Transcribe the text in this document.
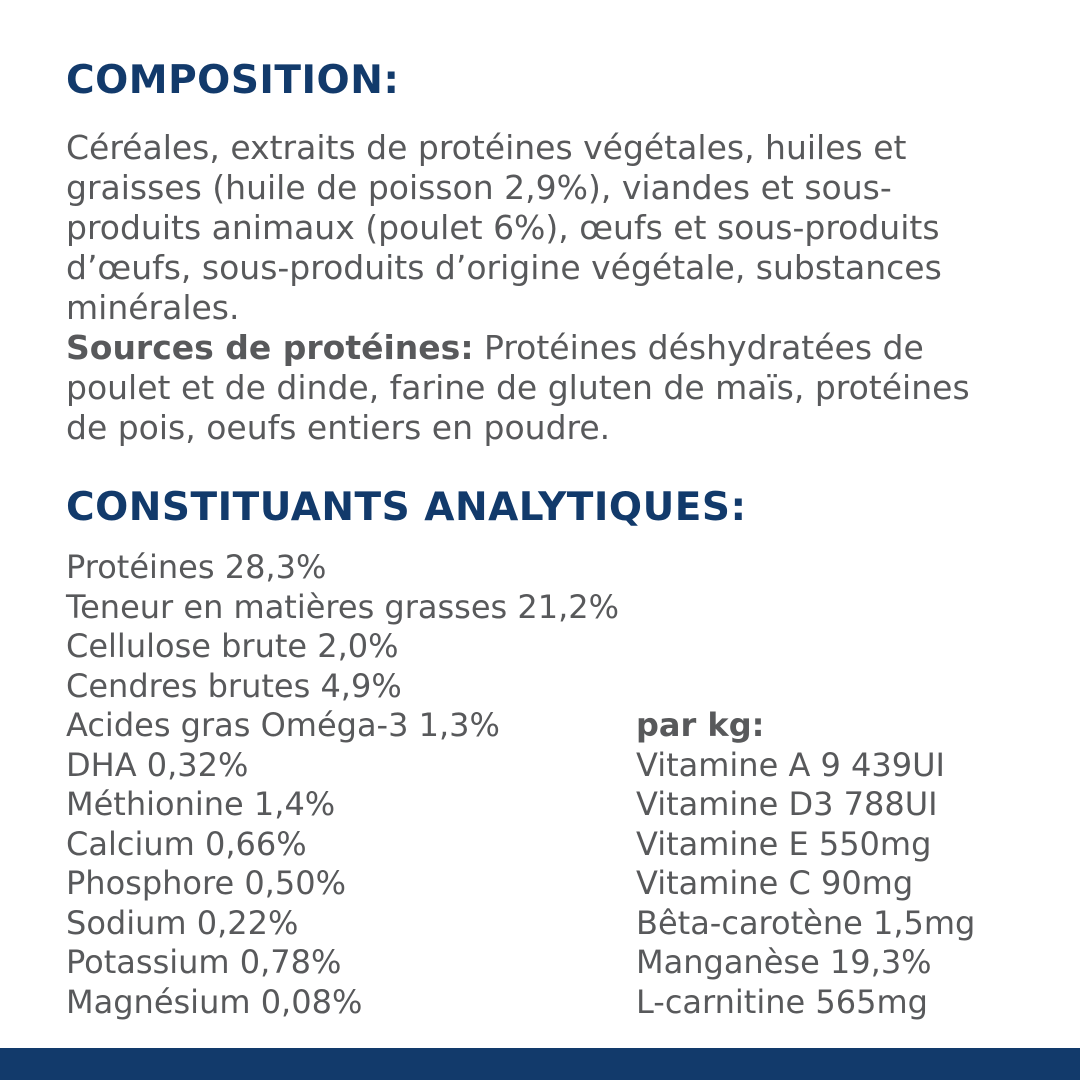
COMPOSITION:

Céréales, extraits de protéines végétales, huiles et graisses (huile de poisson 2,9%), viandes et sous-produits animaux (poulet 6%), œufs et sous-produits d’œufs, sous-produits d’origine végétale, substances minérales.

Sources de protéines: Protéines déshydratées de poulet et de dinde, farine de gluten de maïs, protéines de pois, oeufs entiers en poudre.

CONSTITUANTS ANALYTIQUES:
Protéines 28,3%
Teneur en matières grasses 21,2%
Cellulose brute 2,0%
Cendres brutes 4,9%
Acides gras Oméga-3 1,3%
DHA 0,32%
Méthionine 1,4%
Calcium 0,66%
Phosphore 0,50%
Sodium 0,22%
Potassium 0,78%
Magnésium 0,08%
par kg:
Vitamine A 9 439UI
Vitamine D3 788UI
Vitamine E 550mg
Vitamine C 90mg
Bêta-carotène 1,5mg
Manganèse 19,3%
L-carnitine 565mg
